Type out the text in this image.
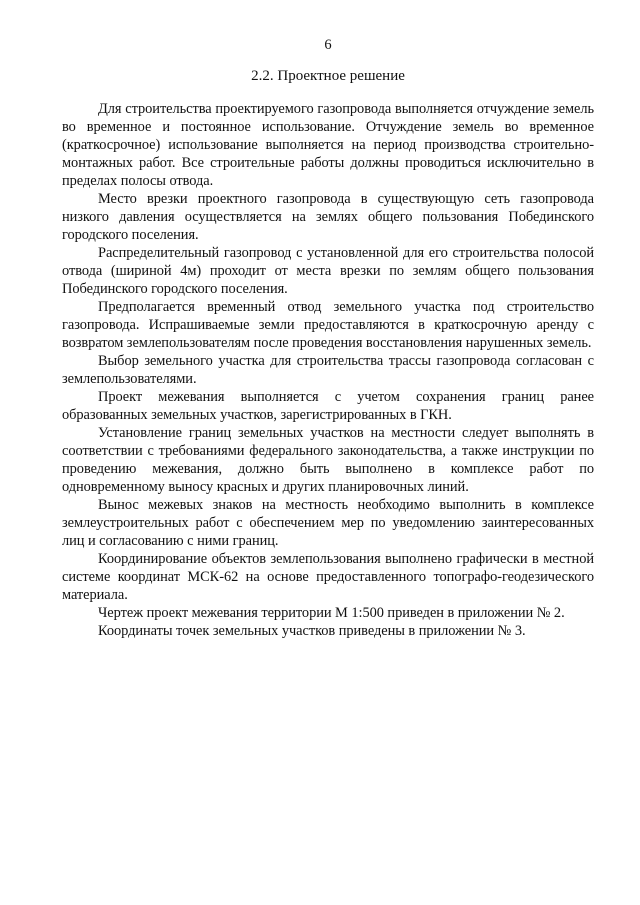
6
2.2. Проектное решение

Для строительства проектируемого газопровода выполняется отчуждение земель во временное и постоянное использование. Отчуждение земель во временное (краткосрочное) использование выполняется на период производства строительно- монтажных работ. Все строительные работы должны проводиться исключительно в пределах полосы отвода.

Место врезки проектного газопровода в существующую сеть газопровода низкого давления осуществляется на землях общего пользования Побединского городского поселения.

Распределительный газопровод с установленной для его строительства полосой отвода (шириной 4м) проходит от места врезки по землям общего пользования Побединского городского поселения.

Предполагается временный отвод земельного участка под строительство газопровода. Испрашиваемые земли предоставляются в краткосрочную аренду с возвратом землепользователям после проведения восстановления нарушенных земель.

Выбор земельного участка для строительства трассы газопровода согласован с землепользователями.

Проект межевания выполняется с учетом сохранения границ ранее образованных земельных участков, зарегистрированных в ГКН.

Установление границ земельных участков на местности следует выполнять в соответствии с требованиями федерального законодательства, а также инструкции по проведению межевания, должно быть выполнено в комплексе работ по одновременному выносу красных и других планировочных линий.

Вынос межевых знаков на местность необходимо выполнить в комплексе землеустроительных работ с обеспечением мер по уведомлению заинтересованных лиц и согласованию с ними границ.

Координирование объектов землепользования выполнено графически в местной системе координат МСК-62 на основе предоставленного топографо-геодезического материала.

Чертеж проект межевания территории М 1:500 приведен в приложении № 2.

Координаты точек земельных участков приведены в приложении № 3.
